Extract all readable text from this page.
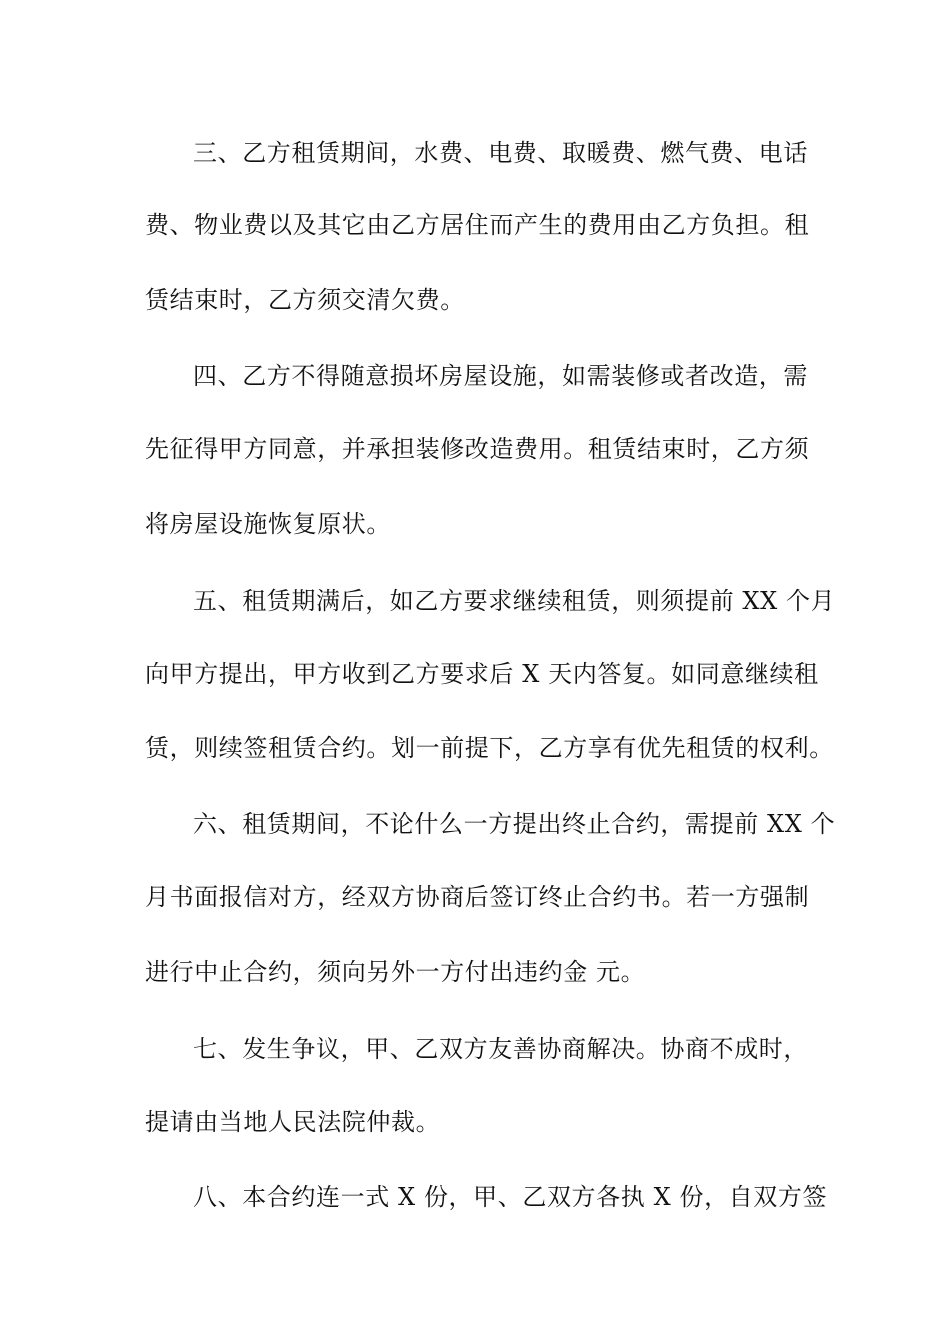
三、乙方租赁期间，水费、电费、取暖费、燃气费、电话
费、物业费以及其它由乙方居住而产生的费用由乙方负担。租
赁结束时，乙方须交清欠费。
四、乙方不得随意损坏房屋设施，如需装修或者改造，需
先征得甲方同意，并承担装修改造费用。租赁结束时，乙方须
将房屋设施恢复原状。
五、租赁期满后，如乙方要求继续租赁，则须提前 XX 个月
向甲方提出，甲方收到乙方要求后 X 天内答复。如同意继续租
赁，则续签租赁合约。划一前提下，乙方享有优先租赁的权利。
六、租赁期间，不论什么一方提出终止合约，需提前 XX 个
月书面报信对方，经双方协商后签订终止合约书。若一方强制
进行中止合约，须向另外一方付出违约金 元。
七、发生争议，甲、乙双方友善协商解决。协商不成时，
提请由当地人民法院仲裁。
八、本合约连一式 X 份，甲、乙双方各执 X 份，自双方签
